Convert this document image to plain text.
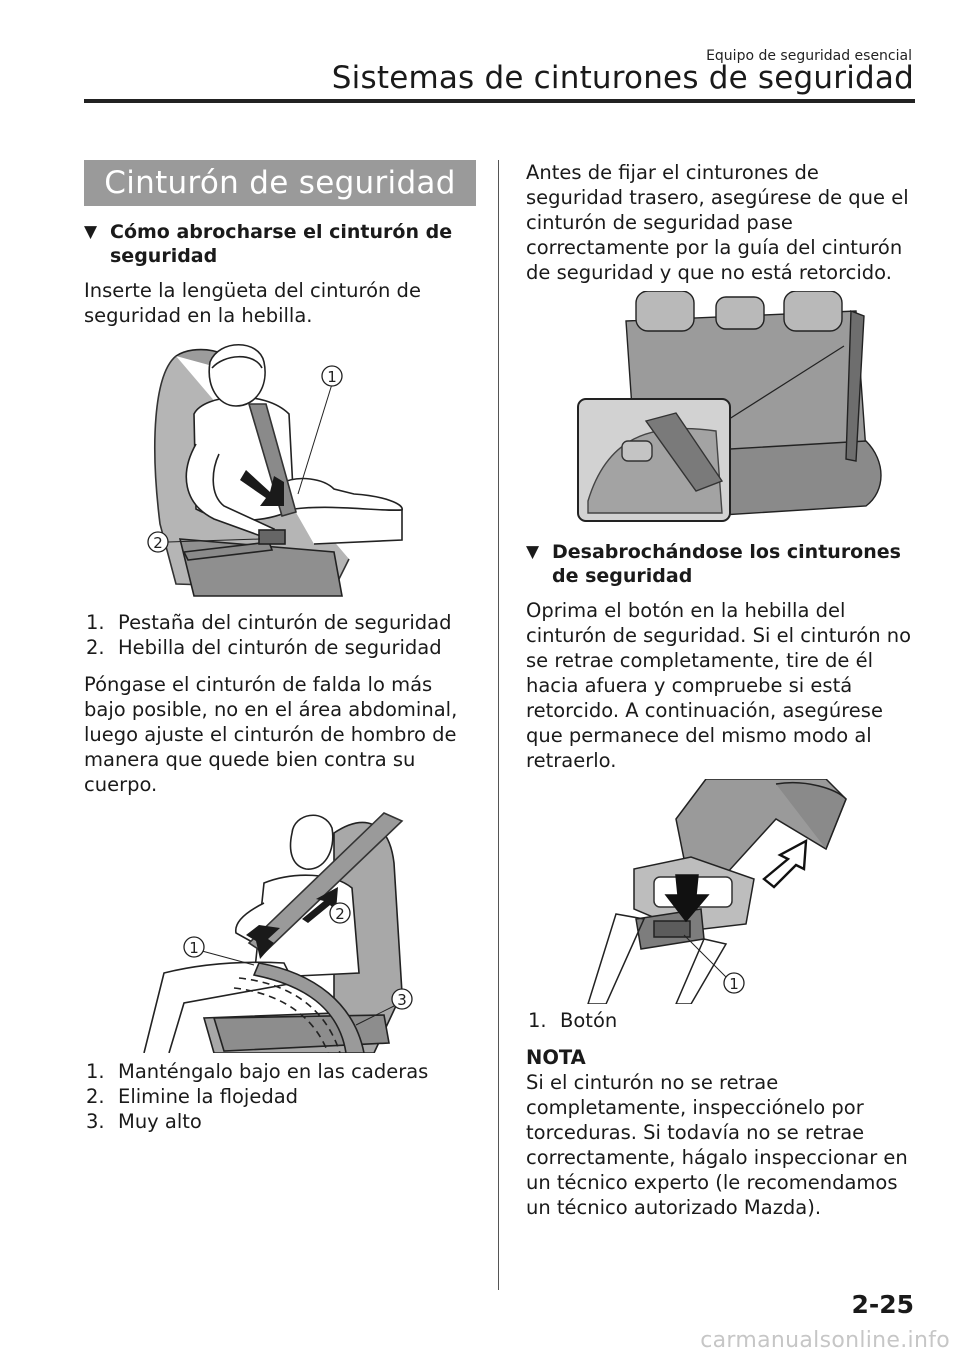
Equipo de seguridad esencial
Sistemas de cinturones de seguridad
Cinturón de seguridad
▼ Cómo abrocharse el cinturón de seguridad

Inserte la lengüeta del cinturón de seguridad en la hebilla.

1
2
1. Pestaña del cinturón de seguridad
2. Hebilla del cinturón de seguridad

Póngase el cinturón de falda lo más bajo posible, no en el área abdominal, luego ajuste el cinturón de hombro de manera que quede bien contra su cuerpo.

1
2
3
1. Manténgalo bajo en las caderas
2. Elimine la flojedad
3. Muy alto

Antes de fijar el cinturones de seguridad trasero, asegúrese de que el cinturón de seguridad pase correctamente por la guía del cinturón de seguridad y que no está retorcido.

▼ Desabrochándose los cinturones de seguridad

Oprima el botón en la hebilla del cinturón de seguridad. Si el cinturón no se retrae completamente, tire de él hacia afuera y compruebe si está retorcido. A continuación, asegúrese que permanece del mismo modo al retraerlo.

1
1. Botón
NOTA

Si el cinturón no se retrae completamente, inspecciónelo por torceduras. Si todavía no se retrae correctamente, hágalo inspeccionar en un técnico experto (le recomendamos un técnico autorizado Mazda).

2-25
carmanualsonline.info
